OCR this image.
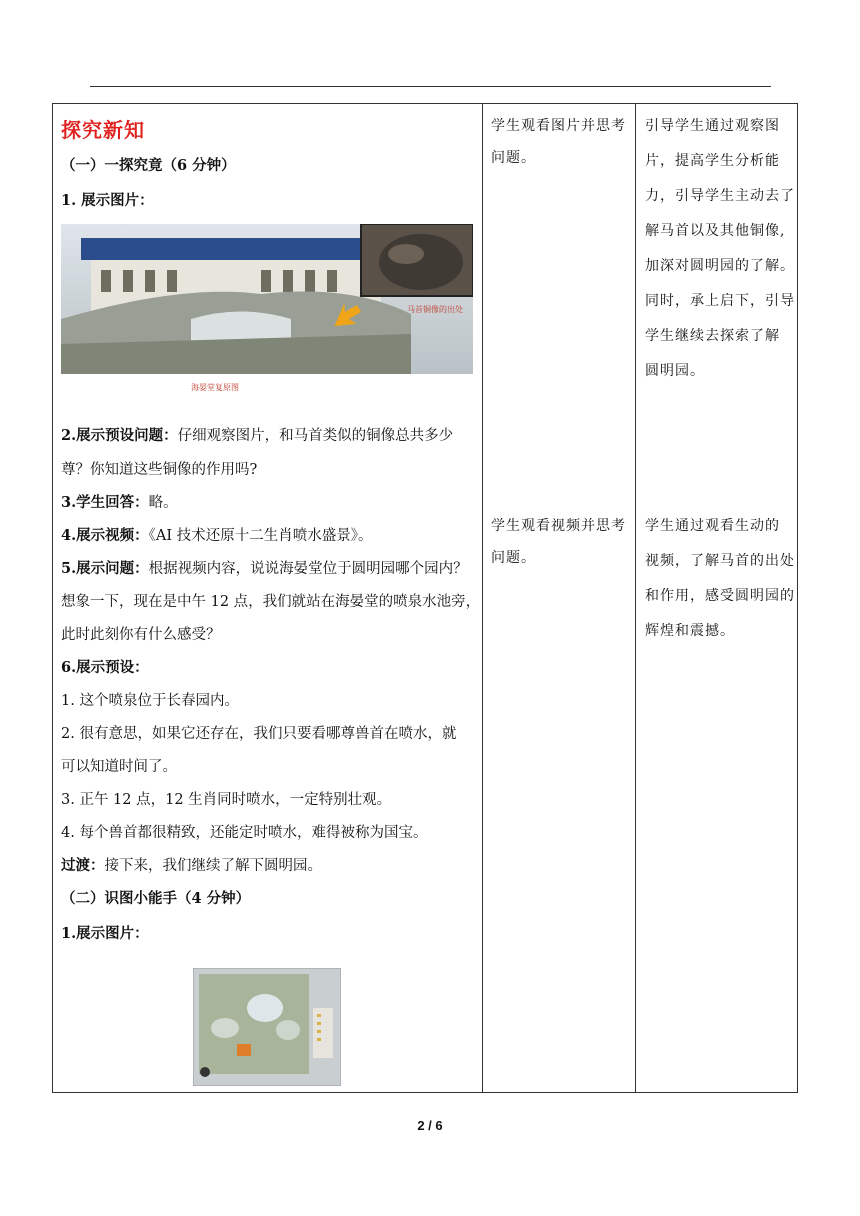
探究新知
（一）一探究竟（6 分钟）
1. 展示图片：
马首铜像的出处
海晏堂复原图
2.展示预设问题：仔细观察图片，和马首类似的铜像总共多少
尊？你知道这些铜像的作用吗?
3.学生回答：略。
4.展示视频：《AI 技术还原十二生肖喷水盛景》。
5.展示问题：根据视频内容，说说海晏堂位于圆明园哪个园内？
想象一下，现在是中午 12 点，我们就站在海晏堂的喷泉水池旁，
此时此刻你有什么感受？
6.展示预设：
1. 这个喷泉位于长春园内。
2. 很有意思，如果它还存在，我们只要看哪尊兽首在喷水，就
可以知道时间了。
3. 正午 12 点，12 生肖同时喷水，一定特别壮观。
4. 每个兽首都很精致，还能定时喷水，难得被称为国宝。
过渡：接下来，我们继续了解下圆明园。
（二）识图小能手（4 分钟）
1.展示图片：
学生观看图片并思考
问题。
学生观看视频并思考
问题。
引导学生通过观察图
片，提高学生分析能
力，引导学生主动去了
解马首以及其他铜像,
加深对圆明园的了解。
同时，承上启下，引导
学生继续去探索了解
圆明园。
学生通过观看生动的
视频，了解马首的出处
和作用，感受圆明园的
辉煌和震撼。
2 / 6
